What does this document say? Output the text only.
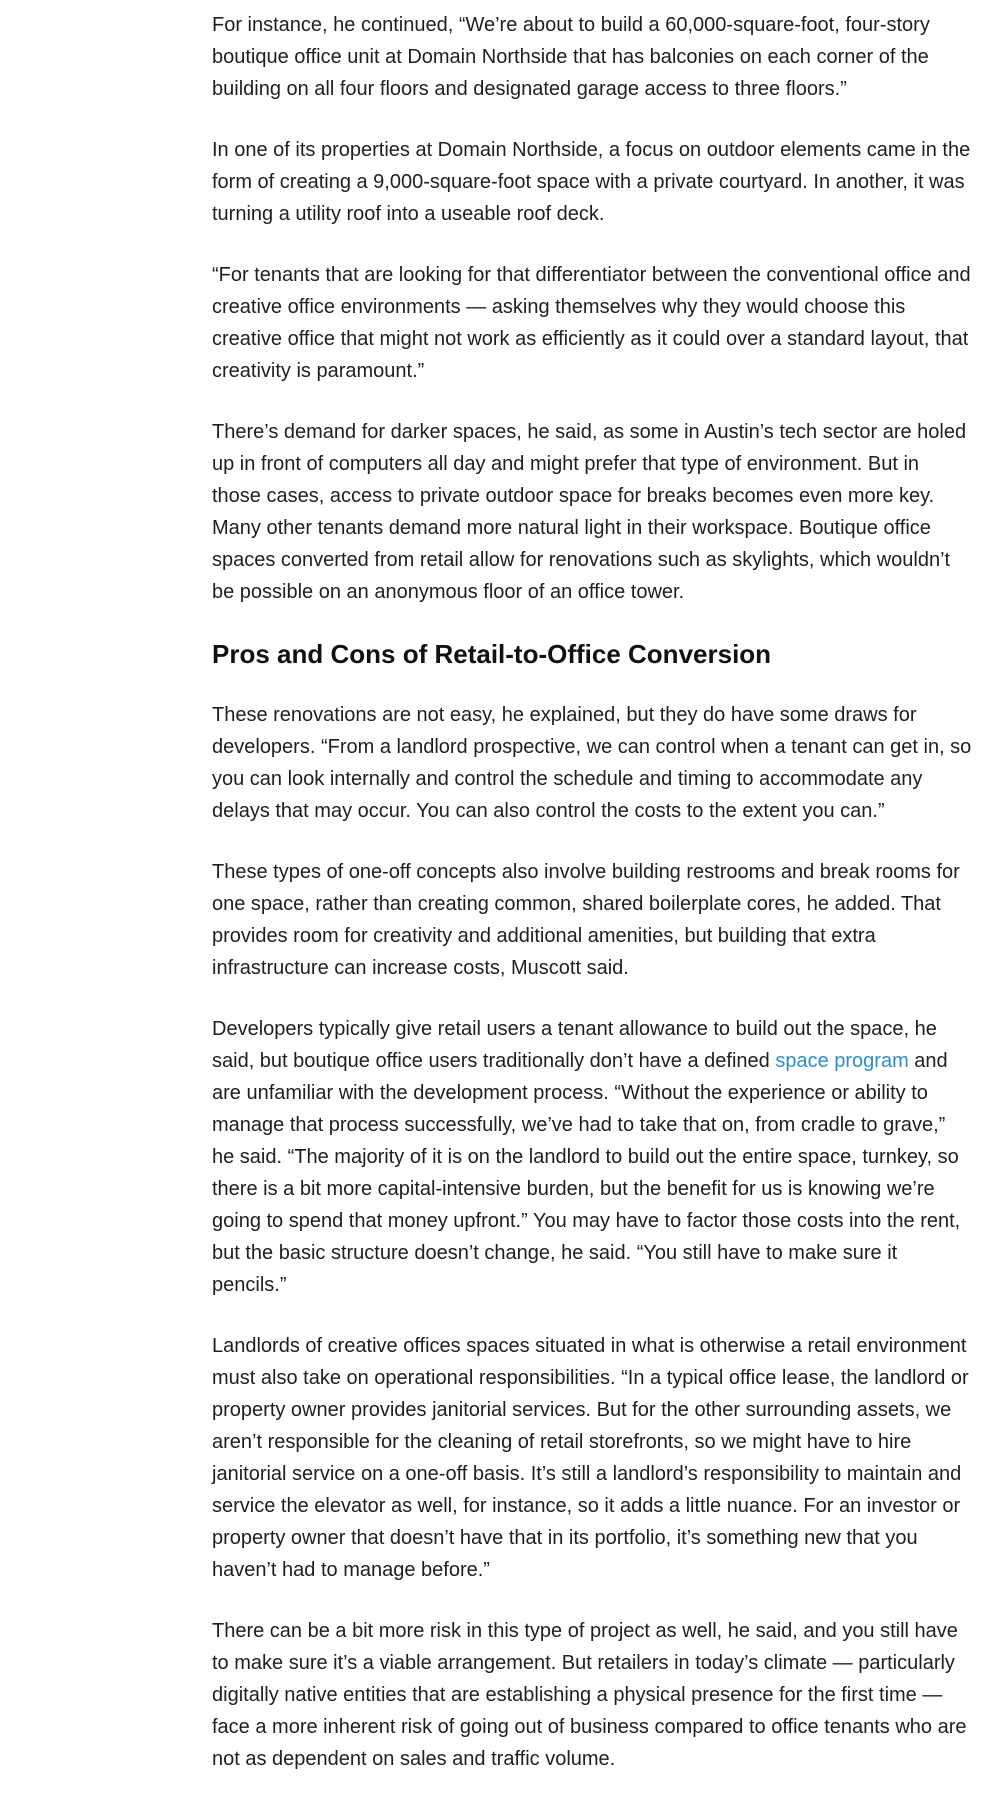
For instance, he continued, “We’re about to build a 60,000-square-foot, four-story boutique office unit at Domain Northside that has balconies on each corner of the building on all four floors and designated garage access to three floors.”

In one of its properties at Domain Northside, a focus on outdoor elements came in the form of creating a 9,000-square-foot space with a private courtyard. In another, it was turning a utility roof into a useable roof deck.

“For tenants that are looking for that differentiator between the conventional office and creative office environments — asking themselves why they would choose this creative office that might not work as efficiently as it could over a standard layout, that creativity is paramount.”

There’s demand for darker spaces, he said, as some in Austin’s tech sector are holed up in front of computers all day and might prefer that type of environment. But in those cases, access to private outdoor space for breaks becomes even more key. Many other tenants demand more natural light in their workspace. Boutique office spaces converted from retail allow for renovations such as skylights, which wouldn’t be possible on an anonymous floor of an office tower.

Pros and Cons of Retail-to-Office Conversion

These renovations are not easy, he explained, but they do have some draws for developers. “From a landlord prospective, we can control when a tenant can get in, so you can look internally and control the schedule and timing to accommodate any delays that may occur. You can also control the costs to the extent you can.”

These types of one-off concepts also involve building restrooms and break rooms for one space, rather than creating common, shared boilerplate cores, he added. That provides room for creativity and additional amenities, but building that extra infrastructure can increase costs, Muscott said.

Developers typically give retail users a tenant allowance to build out the space, he said, but boutique office users traditionally don’t have a defined space program and are unfamiliar with the development process. “Without the experience or ability to manage that process successfully, we’ve had to take that on, from cradle to grave,” he said. “The majority of it is on the landlord to build out the entire space, turnkey, so there is a bit more capital-intensive burden, but the benefit for us is knowing we’re going to spend that money upfront.” You may have to factor those costs into the rent, but the basic structure doesn’t change, he said. “You still have to make sure it pencils.”

Landlords of creative offices spaces situated in what is otherwise a retail environment must also take on operational responsibilities. “In a typical office lease, the landlord or property owner provides janitorial services. But for the other surrounding assets, we aren’t responsible for the cleaning of retail storefronts, so we might have to hire janitorial service on a one-off basis. It’s still a landlord’s responsibility to maintain and service the elevator as well, for instance, so it adds a little nuance. For an investor or property owner that doesn’t have that in its portfolio, it’s something new that you haven’t had to manage before.”

There can be a bit more risk in this type of project as well, he said, and you still have to make sure it’s a viable arrangement. But retailers in today’s climate — particularly digitally native entities that are establishing a physical presence for the first time — face a more inherent risk of going out of business compared to office tenants who are not as dependent on sales and traffic volume.
